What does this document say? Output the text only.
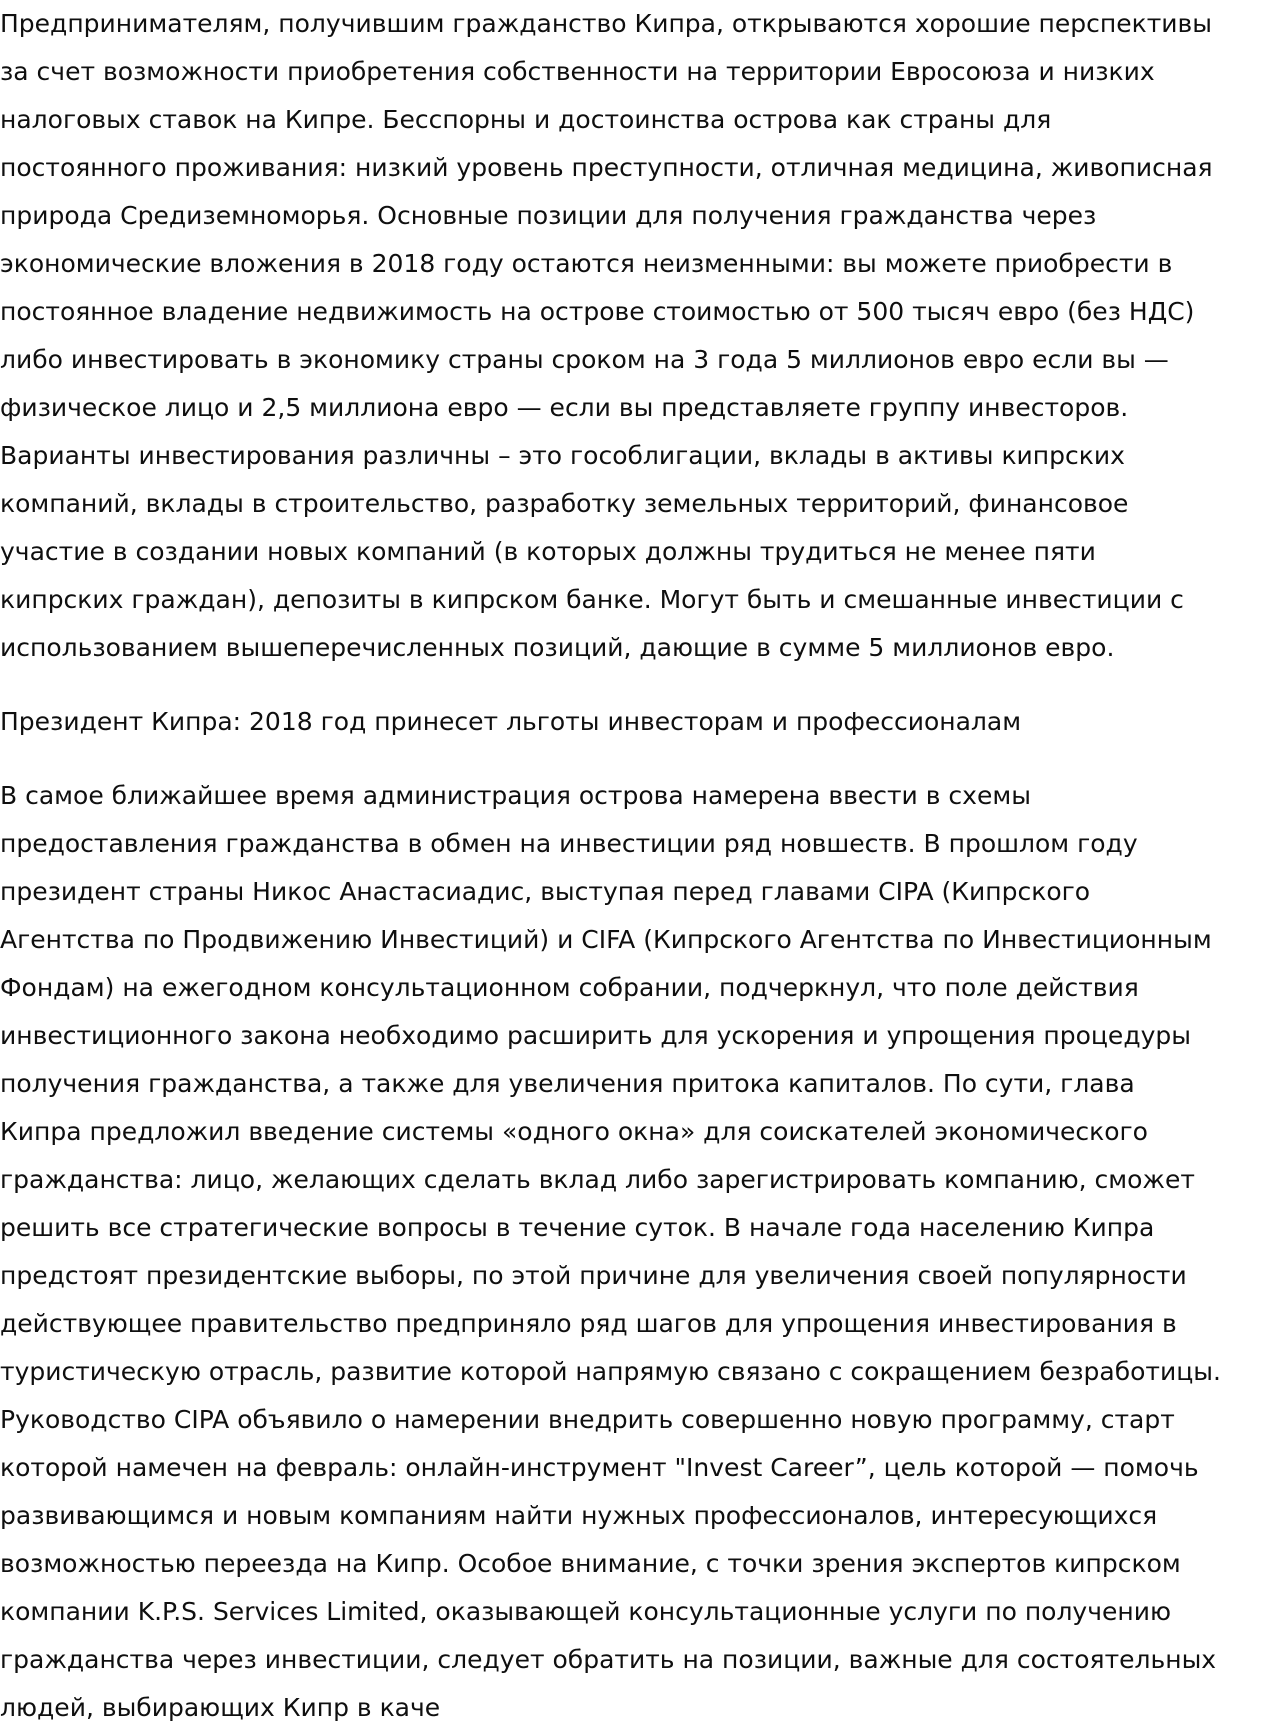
Предпринимателям, получившим гражданство Кипра, открываются хорошие перспективы
за счет возможности приобретения собственности на территории Евросоюза и низких
налоговых ставок на Кипре. Бесспорны и достоинства острова как страны для
постоянного проживания: низкий уровень преступности, отличная медицина, живописная
природа Средиземноморья. Основные позиции для получения гражданства через
экономические вложения в 2018 году остаются неизменными: вы можете приобрести в
постоянное владение недвижимость на острове стоимостью от 500 тысяч евро (без НДС)
либо инвестировать в экономику страны сроком на 3 года 5 миллионов евро если вы —
физическое лицо и 2,5 миллиона евро — если вы представляете группу инвесторов.
Варианты инвестирования различны – это гособлигации, вклады в активы кипрских
компаний, вклады в строительство, разработку земельных территорий, финансовое
участие в создании новых компаний (в которых должны трудиться не менее пяти
кипрских граждан), депозиты в кипрском банке. Могут быть и смешанные инвестиции с
использованием вышеперечисленных позиций, дающие в сумме 5 миллионов евро.
Президент Кипра: 2018 год принесет льготы инвесторам и профессионалам
В самое ближайшее время администрация острова намерена ввести в схемы
предоставления гражданства в обмен на инвестиции ряд новшеств. В прошлом году
президент страны Никос Анастасиадис, выступая перед главами CIPA (Кипрского
Агентства по Продвижению Инвестиций) и CIFA (Кипрского Агентства по Инвестиционным
Фондам) на ежегодном консультационном собрании, подчеркнул, что поле действия
инвестиционного закона необходимо расширить для ускорения и упрощения процедуры
получения гражданства, а также для увеличения притока капиталов. По сути, глава
Кипра предложил введение системы «одного окна» для соискателей экономического
гражданства: лицо, желающих сделать вклад либо зарегистрировать компанию, сможет
решить все стратегические вопросы в течение суток. В начале года населению Кипра
предстоят президентские выборы, по этой причине для увеличения своей популярности
действующее правительство предприняло ряд шагов для упрощения инвестирования в
туристическую отрасль, развитие которой напрямую связано с сокращением безработицы.
Руководство CIPA объявило о намерении внедрить совершенно новую программу, старт
которой намечен на февраль: онлайн-инструмент "Invest Career”, цель которой — помочь
развивающимся и новым компаниям найти нужных профессионалов, интересующихся
возможностью переезда на Кипр. Особое внимание, с точки зрения экспертов кипрском
компании K.P.S. Services Limited, оказывающей консультационные услуги по получению
гражданства через инвестиции, следует обратить на позиции, важные для состоятельных
людей, выбирающих Кипр в каче
